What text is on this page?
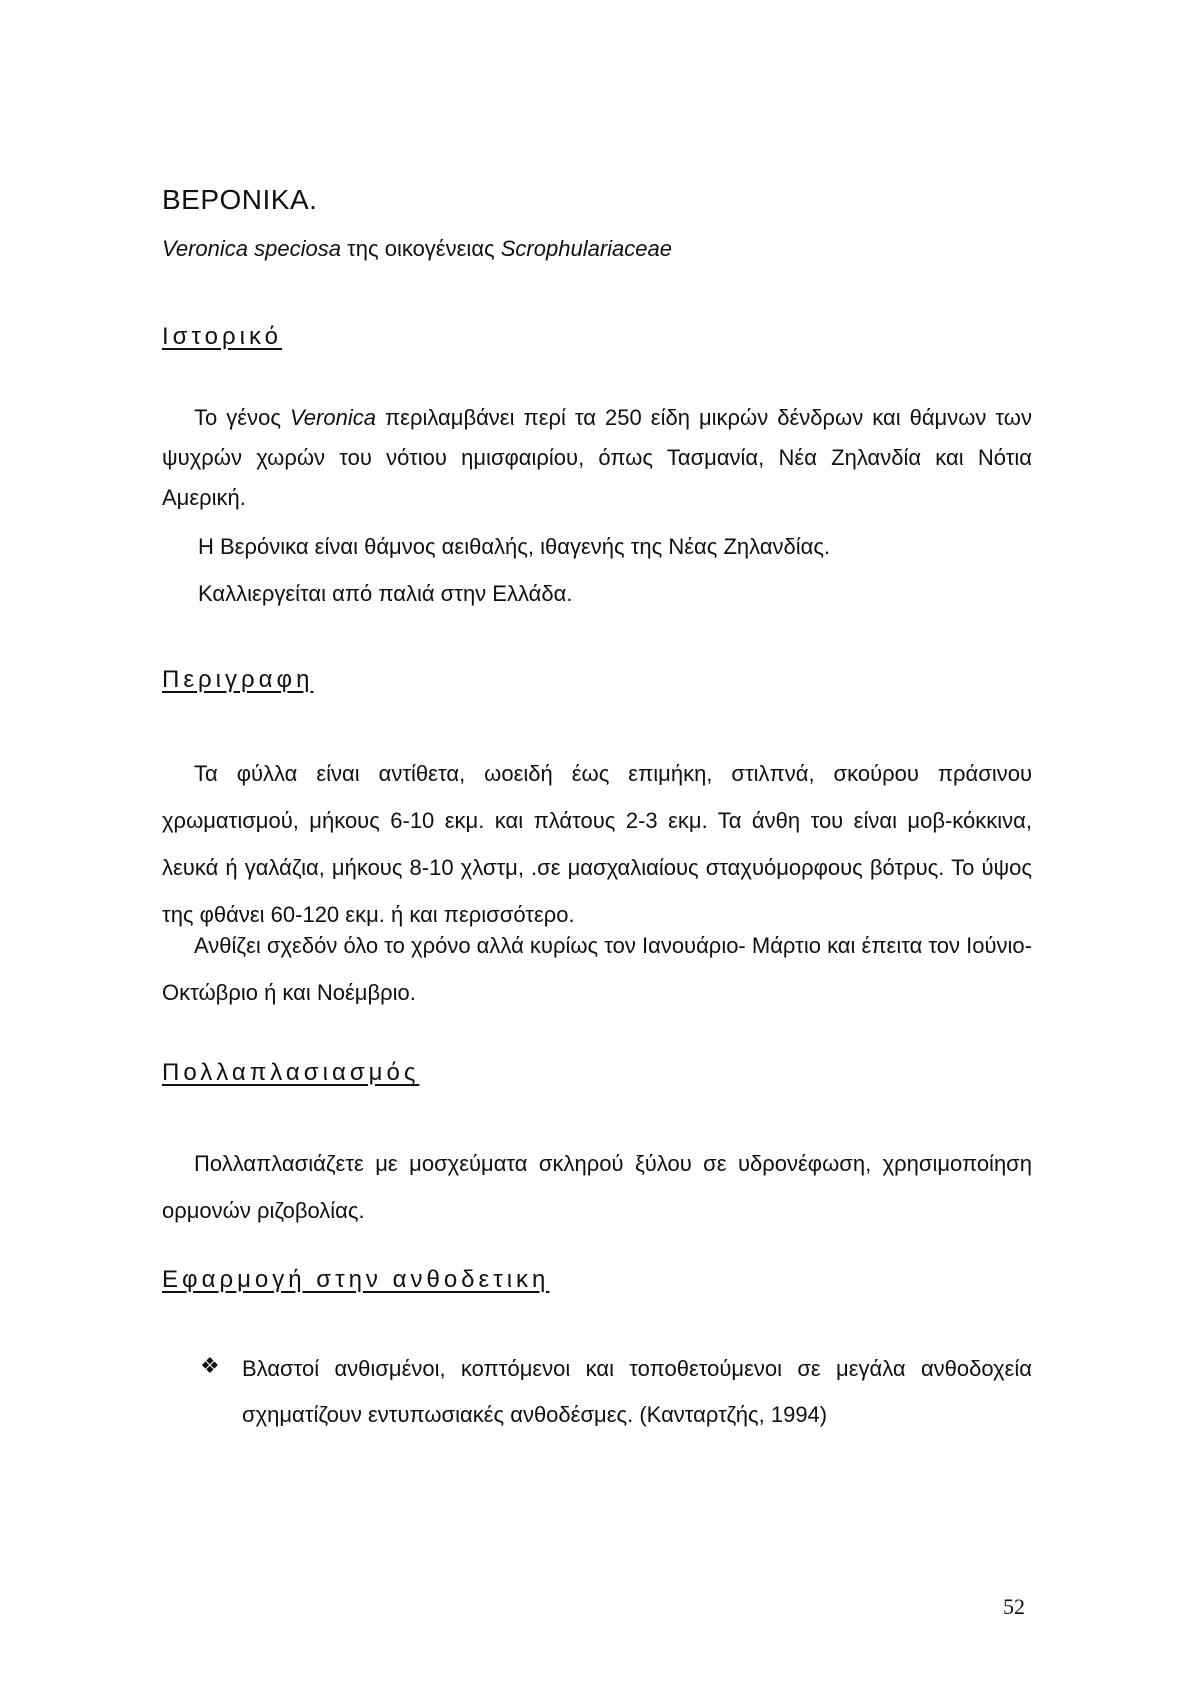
ΒΕΡΟΝΙΚΑ.
Veronica speciosa της οικογένειας Scrophulariaceae
Ιστορικό
Το γένος Veronica περιλαμβάνει περί τα 250 είδη μικρών δένδρων και θάμνων των ψυχρών χωρών του νότιου ημισφαιρίου, όπως Τασμανία, Νέα Ζηλανδία και Νότια Αμερική.
Η Βερόνικα είναι θάμνος αειθαλής, ιθαγενής της Νέας Ζηλανδίας.
Καλλιεργείται από παλιά στην Ελλάδα.
Περιγραφη
Τα φύλλα είναι αντίθετα, ωοειδή έως επιμήκη, στιλπνά, σκούρου πράσινου χρωματισμού, μήκους 6-10 εκμ. και πλάτους 2-3 εκμ. Τα άνθη του είναι μοβ-κόκκινα, λευκά ή γαλάζια, μήκους 8-10 χλστμ, .σε μασχαλιαίους σταχυόμορφους βότρυς. Το ύψος της φθάνει 60-120 εκμ. ή και περισσότερο.
Ανθίζει σχεδόν όλο το χρόνο αλλά κυρίως τον Ιανουάριο- Μάρτιο και έπειτα τον Ιούνιο- Οκτώβριο ή και Νοέμβριο.
Πολλαπλασιασμός
Πολλαπλασιάζετε με μοσχεύματα σκληρού ξύλου σε υδρονέφωση, χρησιμοποίηση ορμονών ριζοβολίας.
Εφαρμογή στην ανθοδετικη
❖ Βλαστοί ανθισμένοι, κοπτόμενοι και τοποθετούμενοι σε μεγάλα ανθοδοχεία σχηματίζουν εντυπωσιακές ανθοδέσμες. (Κανταρτζής, 1994)
52
